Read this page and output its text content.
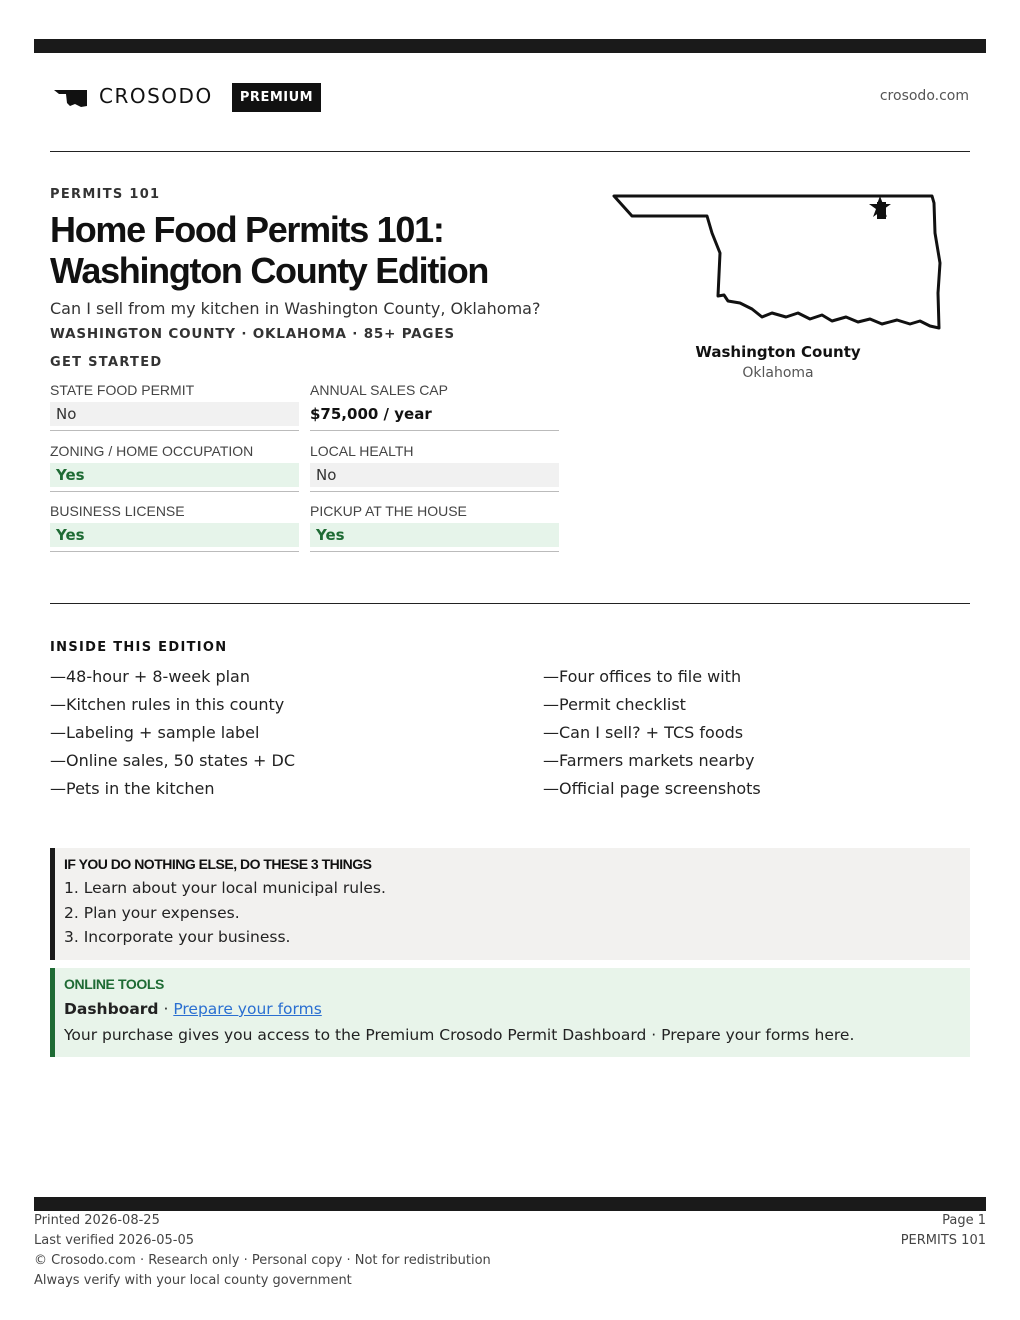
CROSODO	PREMIUM	crosodo.com
PERMITS 101
Home Food Permits 101:
Washington County Edition
Can I sell from my kitchen in Washington County, Oklahoma?
WASHINGTON COUNTY · OKLAHOMA · 85+ PAGES
GET STARTED
STATE FOOD PERMIT
No
ANNUAL SALES CAP
$75,000 / year
ZONING / HOME OCCUPATION
Yes
LOCAL HEALTH
No
BUSINESS LICENSE
Yes
PICKUP AT THE HOUSE
Yes
Washington County
Oklahoma
INSIDE THIS EDITION
—48-hour + 8-week plan
—Kitchen rules in this county
—Labeling + sample label
—Online sales, 50 states + DC
—Pets in the kitchen
—Four offices to file with
—Permit checklist
—Can I sell? + TCS foods
—Farmers markets nearby
—Official page screenshots
IF YOU DO NOTHING ELSE, DO THESE 3 THINGS
1. Learn about your local municipal rules.
2. Plan your expenses.
3. Incorporate your business.
ONLINE TOOLS
Dashboard · Prepare your forms
Your purchase gives you access to the Premium Crosodo Permit Dashboard · Prepare your forms here.
Printed 2026-08-25
Last verified 2026-05-05
© Crosodo.com · Research only · Personal copy · Not for redistribution
Always verify with your local county government
Page 1
PERMITS 101
